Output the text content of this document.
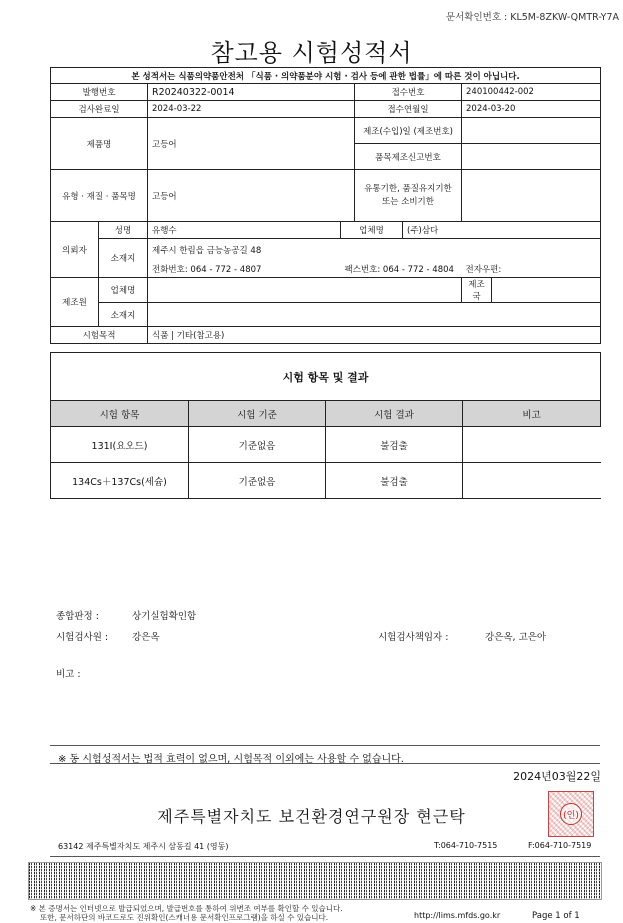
문서확인번호 : KL5M-8ZKW-QMTR-Y7A
참고용 시험성적서
본 성적서는 식품의약품안전처 「식품 · 의약품분야 시험 · 검사 등에 관한 법률」에 따른 것이 아닙니다.							
발행번호		R20240322-0014		접수번호		240100442-002	
검사완료일		2024-03-22		접수연월일		2024-03-20	
제품명		고등어		제조(수입)일 (제조번호)			
				품목제조신고번호			
유형 · 재질 · 품목명		고등어		유통기한, 품질유지기한
또는 소비기한			
의뢰자	성명	유행수	업체명		(주)삼다		
	소재지	제주시 한림읍 금능농공길 48					
		전화번호: 064 - 772 - 4807	팩스번호: 064 - 772 - 4804			전자우편:	
제조원	업체명					제조국	
	소재지						
시험목적		식품 | 기타(참고용)					
시험 항목 및 결과			
시험 항목	시험 기준	시험 결과	비고
131I(요오드)	기준없음	불검출	
134Cs＋137Cs(세슘)	기준없음	불검출	
종합판정 :	상기실험확인함
시험검사원 :	강은옥	시험검사책임자 :	강은옥, 고은아
비고 :
※ 동 시험성적서는 법적 효력이 없으며, 시험목적 이외에는 사용할 수 없습니다.
2024년03월22일
제주특별자치도 보건환경연구원장 현근탁	(인)
63142 제주특별자치도 제주시 삼동길 41 (영동)	T:064-710-7515	F:064-710-7519
※ 본 증명서는 인터넷으로 발급되었으며, 발급번호를 통하여 위변조 여부를 확인할 수 있습니다.
또한, 문서하단의 바코드로도 진위확인(스캐너용 문서확인프로그램)을 하실 수 있습니다.	http://lims.mfds.go.kr	Page 1 of 1
